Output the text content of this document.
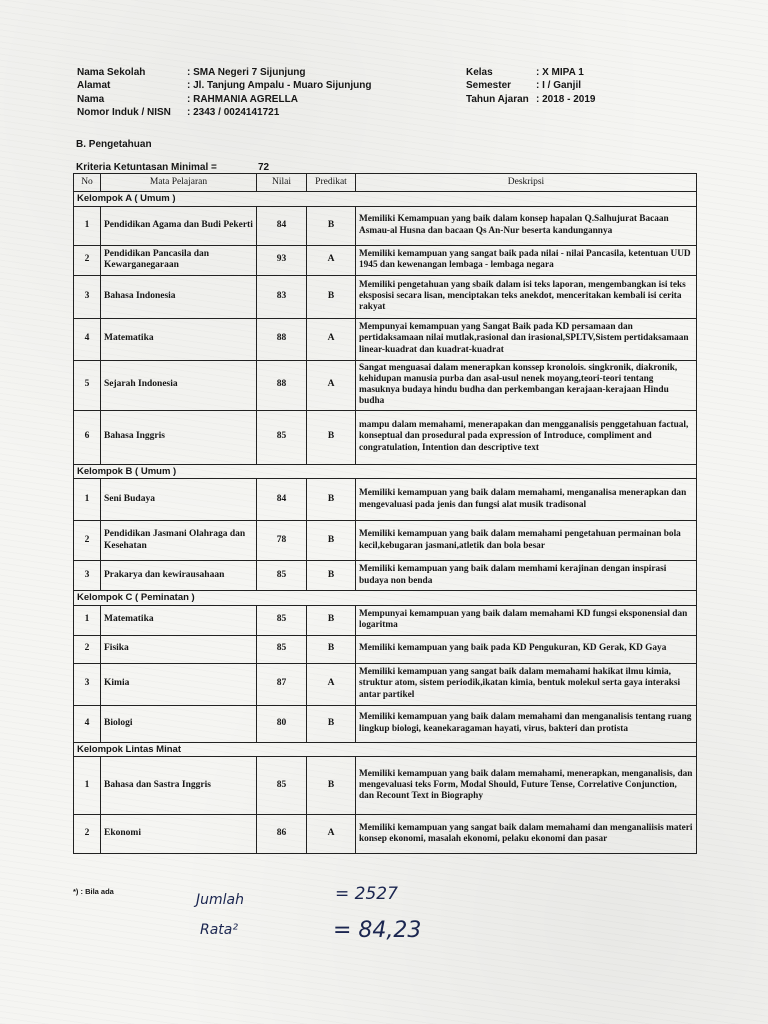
Nama Sekolah	: SMA Negeri 7 Sijunjung
Alamat	: Jl. Tanjung Ampalu - Muaro Sijunjung
Nama	: RAHMANIA AGRELLA
Nomor Induk / NISN : 2343 / 0024141721
Kelas	: X MIPA 1
Semester : I / Ganjil
Tahun Ajaran : 2018 - 2019
B. Pengetahuan
Kriteria Ketuntasan Minimal =	72
No	Mata Pelajaran	Nilai	Predikat	Deskripsi
Kelompok A ( Umum )				
1	Pendidikan Agama dan Budi Pekerti	84	B	Memiliki Kemampuan yang baik dalam konsep hapalan Q.Salhujurat Bacaan Asmau-al Husna dan bacaan Qs An-Nur beserta kandungannya
2	Pendidikan Pancasila dan Kewarganegaraan	93	A	Memiliki kemampuan yang sangat baik pada nilai - nilai Pancasila, ketentuan UUD 1945 dan kewenangan lembaga - lembaga negara
3	Bahasa Indonesia	83	B	Memiliki pengetahuan yang sbaik dalam isi teks laporan, mengembangkan isi teks eksposisi secara lisan, menciptakan teks anekdot, menceritakan kembali isi cerita rakyat
4	Matematika	88	A	Mempunyai kemampuan yang Sangat Baik pada KD persamaan dan pertidaksamaan nilai mutlak,rasional dan irasional,SPLTV,Sistem pertidaksamaan linear-kuadrat dan kuadrat-kuadrat
5	Sejarah Indonesia	88	A	Sangat menguasai dalam menerapkan konssep kronolois. singkronik, diakronik, kehidupan manusia purba dan asal-usul nenek moyang,teori-teori tentang masuknya budaya hindu budha dan perkembangan kerajaan-kerajaan Hindu budha
6	Bahasa Inggris	85	B	mampu dalam memahami, menerapakan dan mengganalisis penggetahuan factual, konseptual dan prosedural pada expression of Introduce, compliment and congratulation, Intention dan descriptive text
Kelompok B ( Umum )				
1	Seni Budaya	84	B	Memiliki kemampuan yang baik dalam memahami, menganalisa menerapkan dan mengevaluasi pada jenis dan fungsi alat musik tradisonal
2	Pendidikan Jasmani Olahraga dan Kesehatan	78	B	Memiliki kemampuan yang baik dalam memahami pengetahuan permainan bola kecil,kebugaran jasmani,atletik dan bola besar
3	Prakarya dan kewirausahaan	85	B	Memiliki kemampuan yang baik dalam memhami kerajinan dengan inspirasi budaya non benda
Kelompok C ( Peminatan )				
1	Matematika	85	B	Mempunyai kemampuan yang baik dalam memahami KD fungsi eksponensial dan logaritma
2	Fisika	85	B	Memiliki kemampuan yang baik pada KD Pengukuran, KD Gerak, KD Gaya
3	Kimia	87	A	Memiliki kemampuan yang sangat baik dalam memahami hakikat ilmu kimia, struktur atom, sistem periodik,ikatan kimia, bentuk molekul serta gaya interaksi antar partikel
4	Biologi	80	B	Memiliki kemampuan yang baik dalam memahami dan menganalisis tentang ruang lingkup biologi, keanekaragaman hayati, virus, bakteri dan protista
Kelompok Lintas Minat				
1	Bahasa dan Sastra Inggris	85	B	Memiliki kemampuan yang baik dalam memahami, menerapkan, menganalisis, dan mengevaluasi teks Form, Modal Should, Future Tense, Correlative Conjunction, dan Recount Text in Biography
2	Ekonomi	86	A	Memiliki kemampuan yang sangat baik dalam memahami dan menganaliisis materi konsep ekonomi, masalah ekonomi, pelaku ekonomi dan pasar
*) : Bila ada
Jumlah	= 2527
Rata²	= 84,23
